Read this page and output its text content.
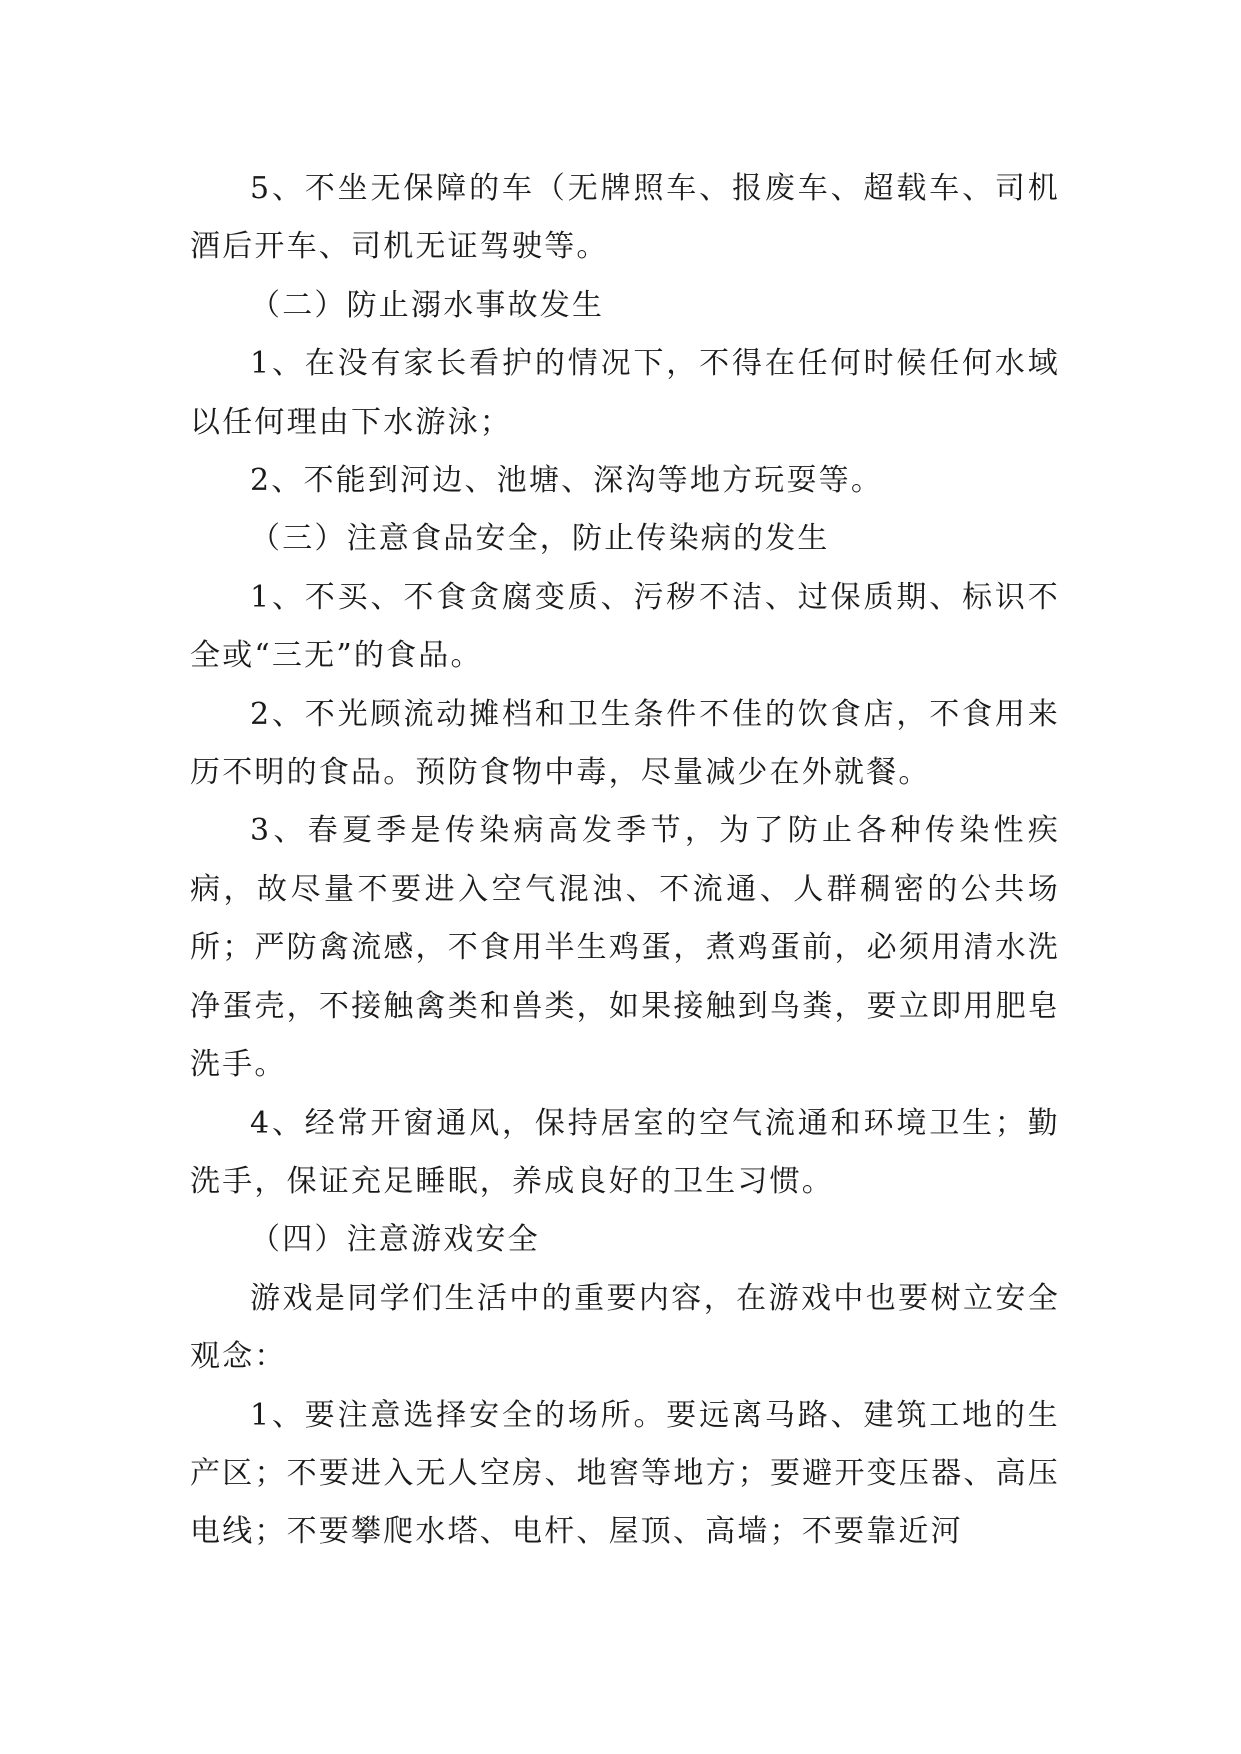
5、不坐无保障的车（无牌照车、报废车、超载车、司机酒后开车、司机无证驾驶等。

（二）防止溺水事故发生

1、在没有家长看护的情况下，不得在任何时候任何水域以任何理由下水游泳；

2、不能到河边、池塘、深沟等地方玩耍等。

（三）注意食品安全，防止传染病的发生

1、不买、不食贪腐变质、污秽不洁、过保质期、标识不全或“三无”的食品。

2、不光顾流动摊档和卫生条件不佳的饮食店，不食用来历不明的食品。预防食物中毒，尽量减少在外就餐。

3、春夏季是传染病高发季节，为了防止各种传染性疾病，故尽量不要进入空气混浊、不流通、人群稠密的公共场所；严防禽流感，不食用半生鸡蛋，煮鸡蛋前，必须用清水洗净蛋壳，不接触禽类和兽类，如果接触到鸟粪，要立即用肥皂洗手。

4、经常开窗通风，保持居室的空气流通和环境卫生；勤洗手，保证充足睡眠，养成良好的卫生习惯。

（四）注意游戏安全

游戏是同学们生活中的重要内容，在游戏中也要树立安全观念：

1、要注意选择安全的场所。要远离马路、建筑工地的生产区；不要进入无人空房、地窖等地方；要避开变压器、高压电线；不要攀爬水塔、电杆、屋顶、高墙；不要靠近河
